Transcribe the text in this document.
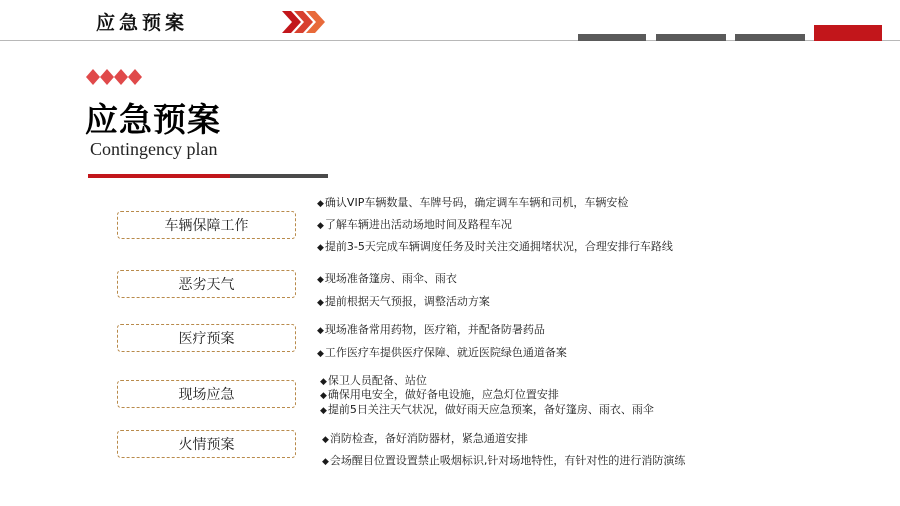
应急预案
应急预案
Contingency plan
车辆保障工作
恶劣天气
医疗预案
现场应急
火情预案
◆确认VIP车辆数量、车牌号码，确定调车车辆和司机，车辆安检
◆了解车辆进出活动场地时间及路程车况
◆提前3-5天完成车辆调度任务及时关注交通拥堵状况，合理安排行车路线
◆现场准备篷房、雨伞、雨衣
◆提前根据天气预报，调整活动方案
◆现场准备常用药物，医疗箱，并配备防暑药品
◆工作医疗车提供医疗保障、就近医院绿色通道备案
◆保卫人员配备、站位
◆确保用电安全，做好备电设施，应急灯位置安排
◆提前5日关注天气状况，做好雨天应急预案，备好篷房、雨衣、雨伞
◆消防检查，备好消防器材，紧急通道安排
◆会场醒目位置设置禁止吸烟标识,针对场地特性，有针对性的进行消防演练
